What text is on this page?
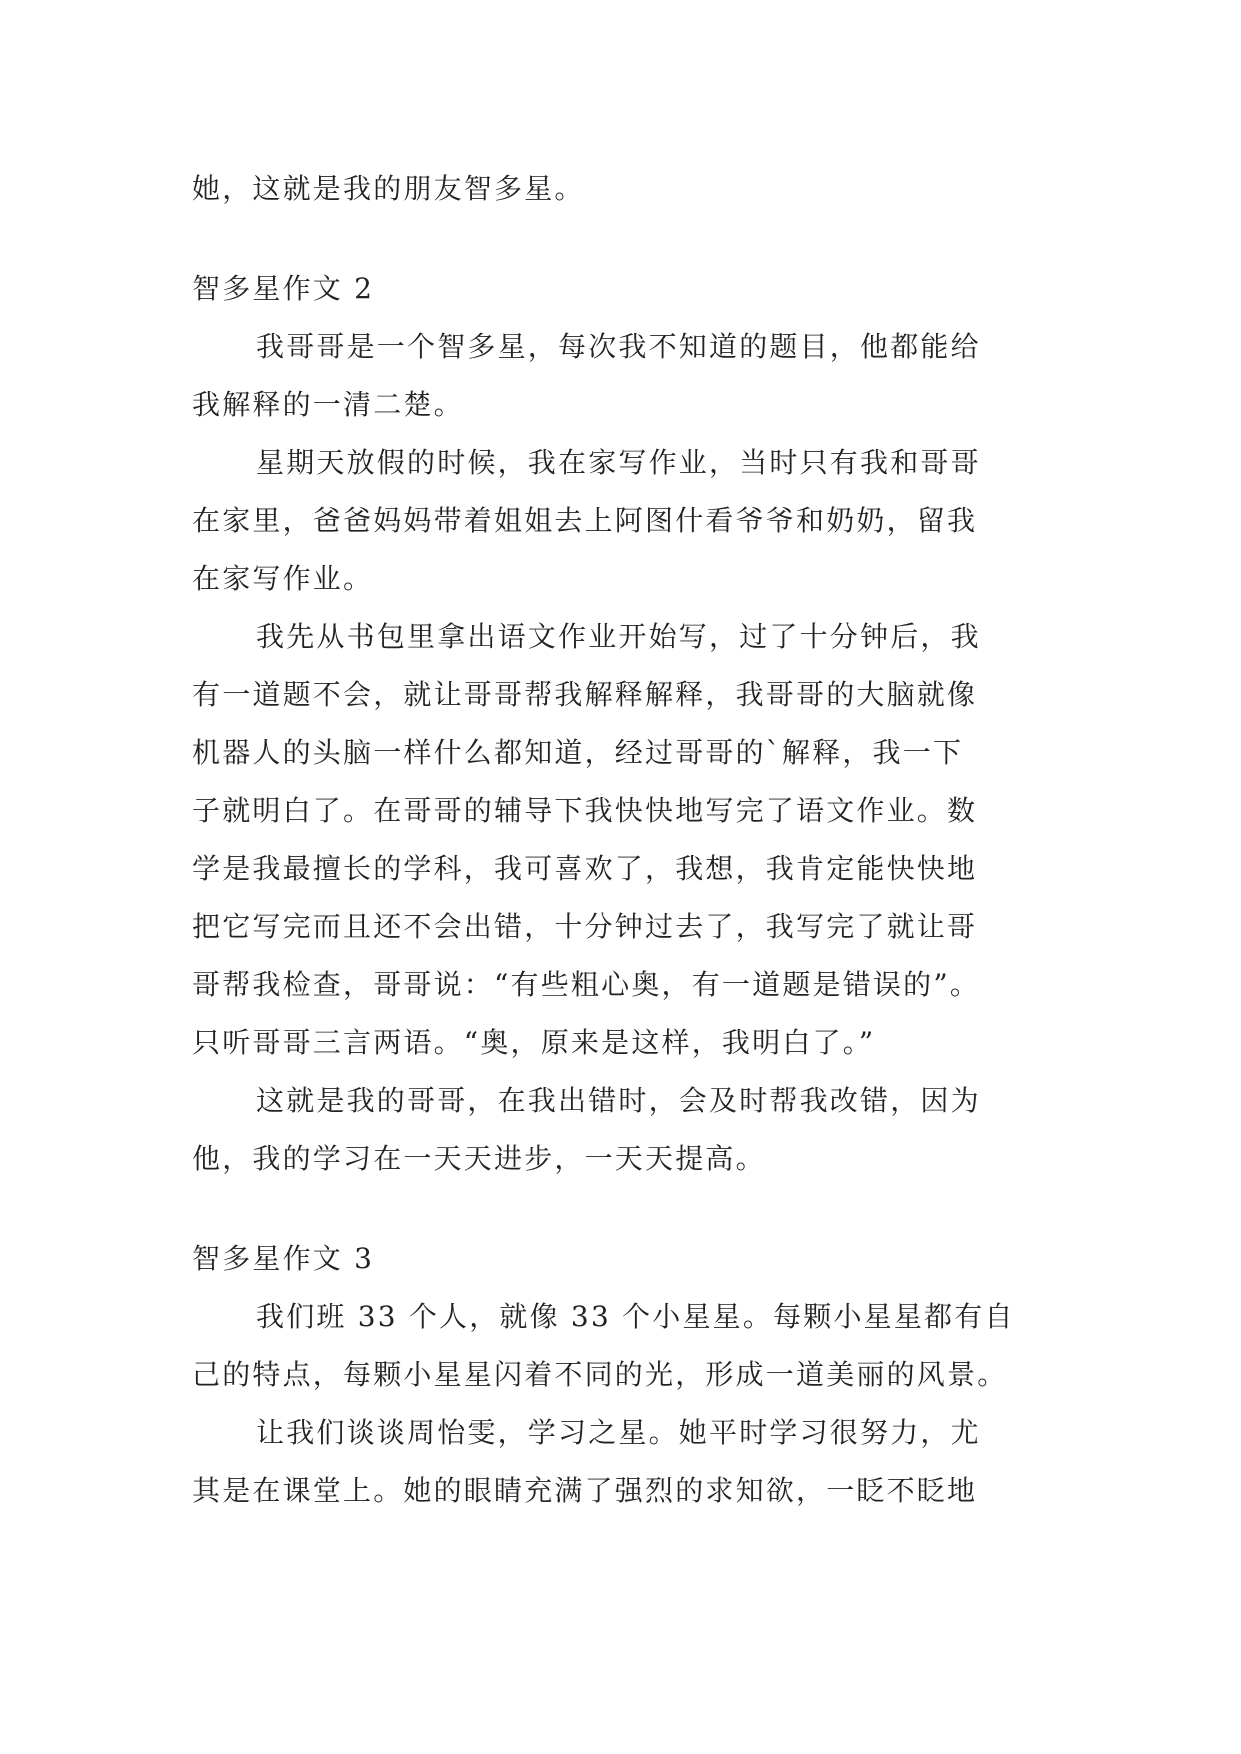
她，这就是我的朋友智多星。
智多星作文 2
我哥哥是一个智多星，每次我不知道的题目，他都能给
我解释的一清二楚。
星期天放假的时候，我在家写作业，当时只有我和哥哥
在家里，爸爸妈妈带着姐姐去上阿图什看爷爷和奶奶，留我
在家写作业。
我先从书包里拿出语文作业开始写，过了十分钟后，我
有一道题不会，就让哥哥帮我解释解释，我哥哥的大脑就像
机器人的头脑一样什么都知道，经过哥哥的`解释，我一下
子就明白了。在哥哥的辅导下我快快地写完了语文作业。数
学是我最擅长的学科，我可喜欢了，我想，我肯定能快快地
把它写完而且还不会出错，十分钟过去了，我写完了就让哥
哥帮我检查，哥哥说：“有些粗心奥，有一道题是错误的”。
只听哥哥三言两语。“奥，原来是这样，我明白了。”
这就是我的哥哥，在我出错时，会及时帮我改错，因为
他，我的学习在一天天进步，一天天提高。
智多星作文 3
我们班 33 个人，就像 33 个小星星。每颗小星星都有自
己的特点，每颗小星星闪着不同的光，形成一道美丽的风景。
让我们谈谈周怡雯，学习之星。她平时学习很努力，尤
其是在课堂上。她的眼睛充满了强烈的求知欲，一眨不眨地
